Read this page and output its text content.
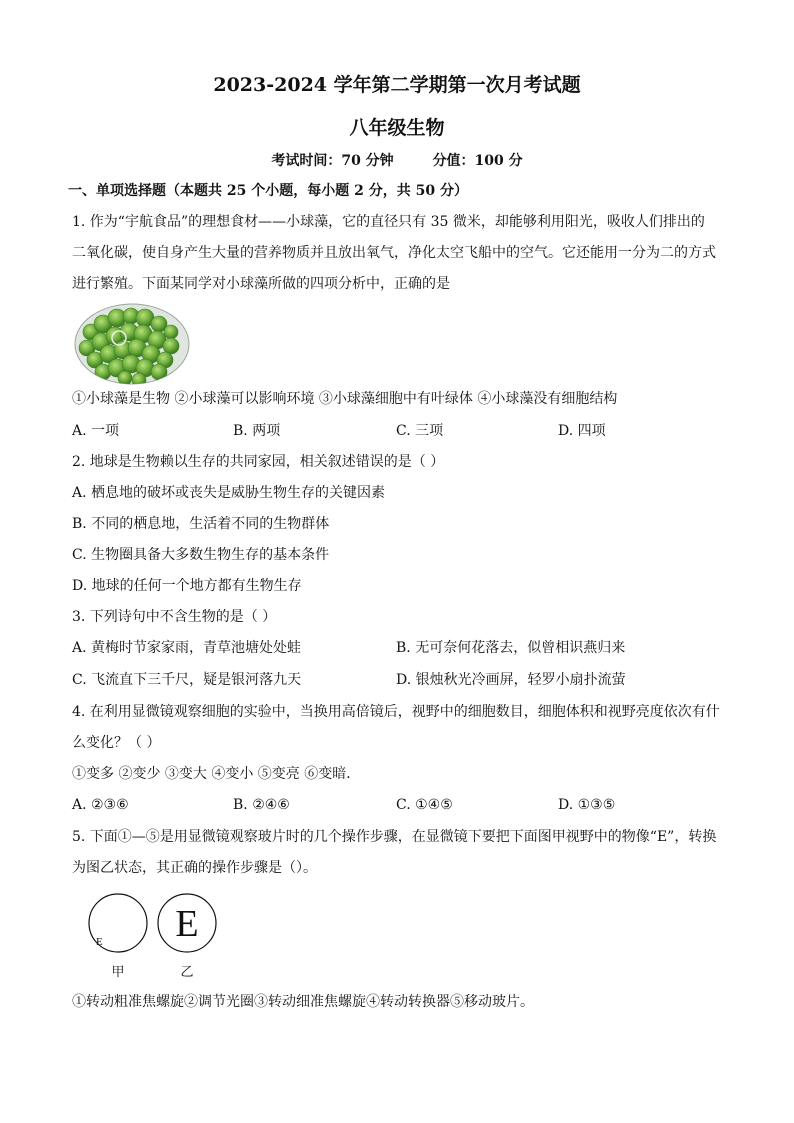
2023-2024 学年第二学期第一次月考试题
八年级生物
考试时间：70 分钟	分值：100 分
一、单项选择题（本题共 25 个小题，每小题 2 分，共 50 分）
1. 作为“宇航食品”的理想食材——小球藻，它的直径只有 35 微米，却能够利用阳光，吸收人们排出的
二氧化碳，使自身产生大量的营养物质并且放出氧气，净化太空飞船中的空气。它还能用一分为二的方式
进行繁殖。下面某同学对小球藻所做的四项分析中，正确的是
①小球藻是生物 ②小球藻可以影响环境 ③小球藻细胞中有叶绿体 ④小球藻没有细胞结构
A. 一项	B. 两项	C. 三项	D. 四项
2. 地球是生物赖以生存的共同家园，相关叙述错误的是（ ）
A. 栖息地的破坏或丧失是威胁生物生存的关键因素
B. 不同的栖息地，生活着不同的生物群体
C. 生物圈具备大多数生物生存的基本条件
D. 地球的任何一个地方都有生物生存
3. 下列诗句中不含生物的是（ ）
A. 黄梅时节家家雨，青草池塘处处蛙	B. 无可奈何花落去，似曾相识燕归来
C. 飞流直下三千尺，疑是银河落九天	D. 银烛秋光冷画屏，轻罗小扇扑流萤
4. 在利用显微镜观察细胞的实验中，当换用高倍镜后，视野中的细胞数目，细胞体积和视野亮度依次有什
么变化？（ ）
①变多 ②变少 ③变大 ④变小 ⑤变亮 ⑥变暗．
A. ②③⑥	B. ②④⑥	C. ①④⑤	D. ①③⑤
5. 下面①—⑤是用显微镜观察玻片时的几个操作步骤，在显微镜下要把下面图甲视野中的物像“E”，转换
为图乙状态，其正确的操作步骤是（）。
E E
甲	乙
①转动粗准焦螺旋②调节光圈③转动细准焦螺旋④转动转换器⑤移动玻片。
